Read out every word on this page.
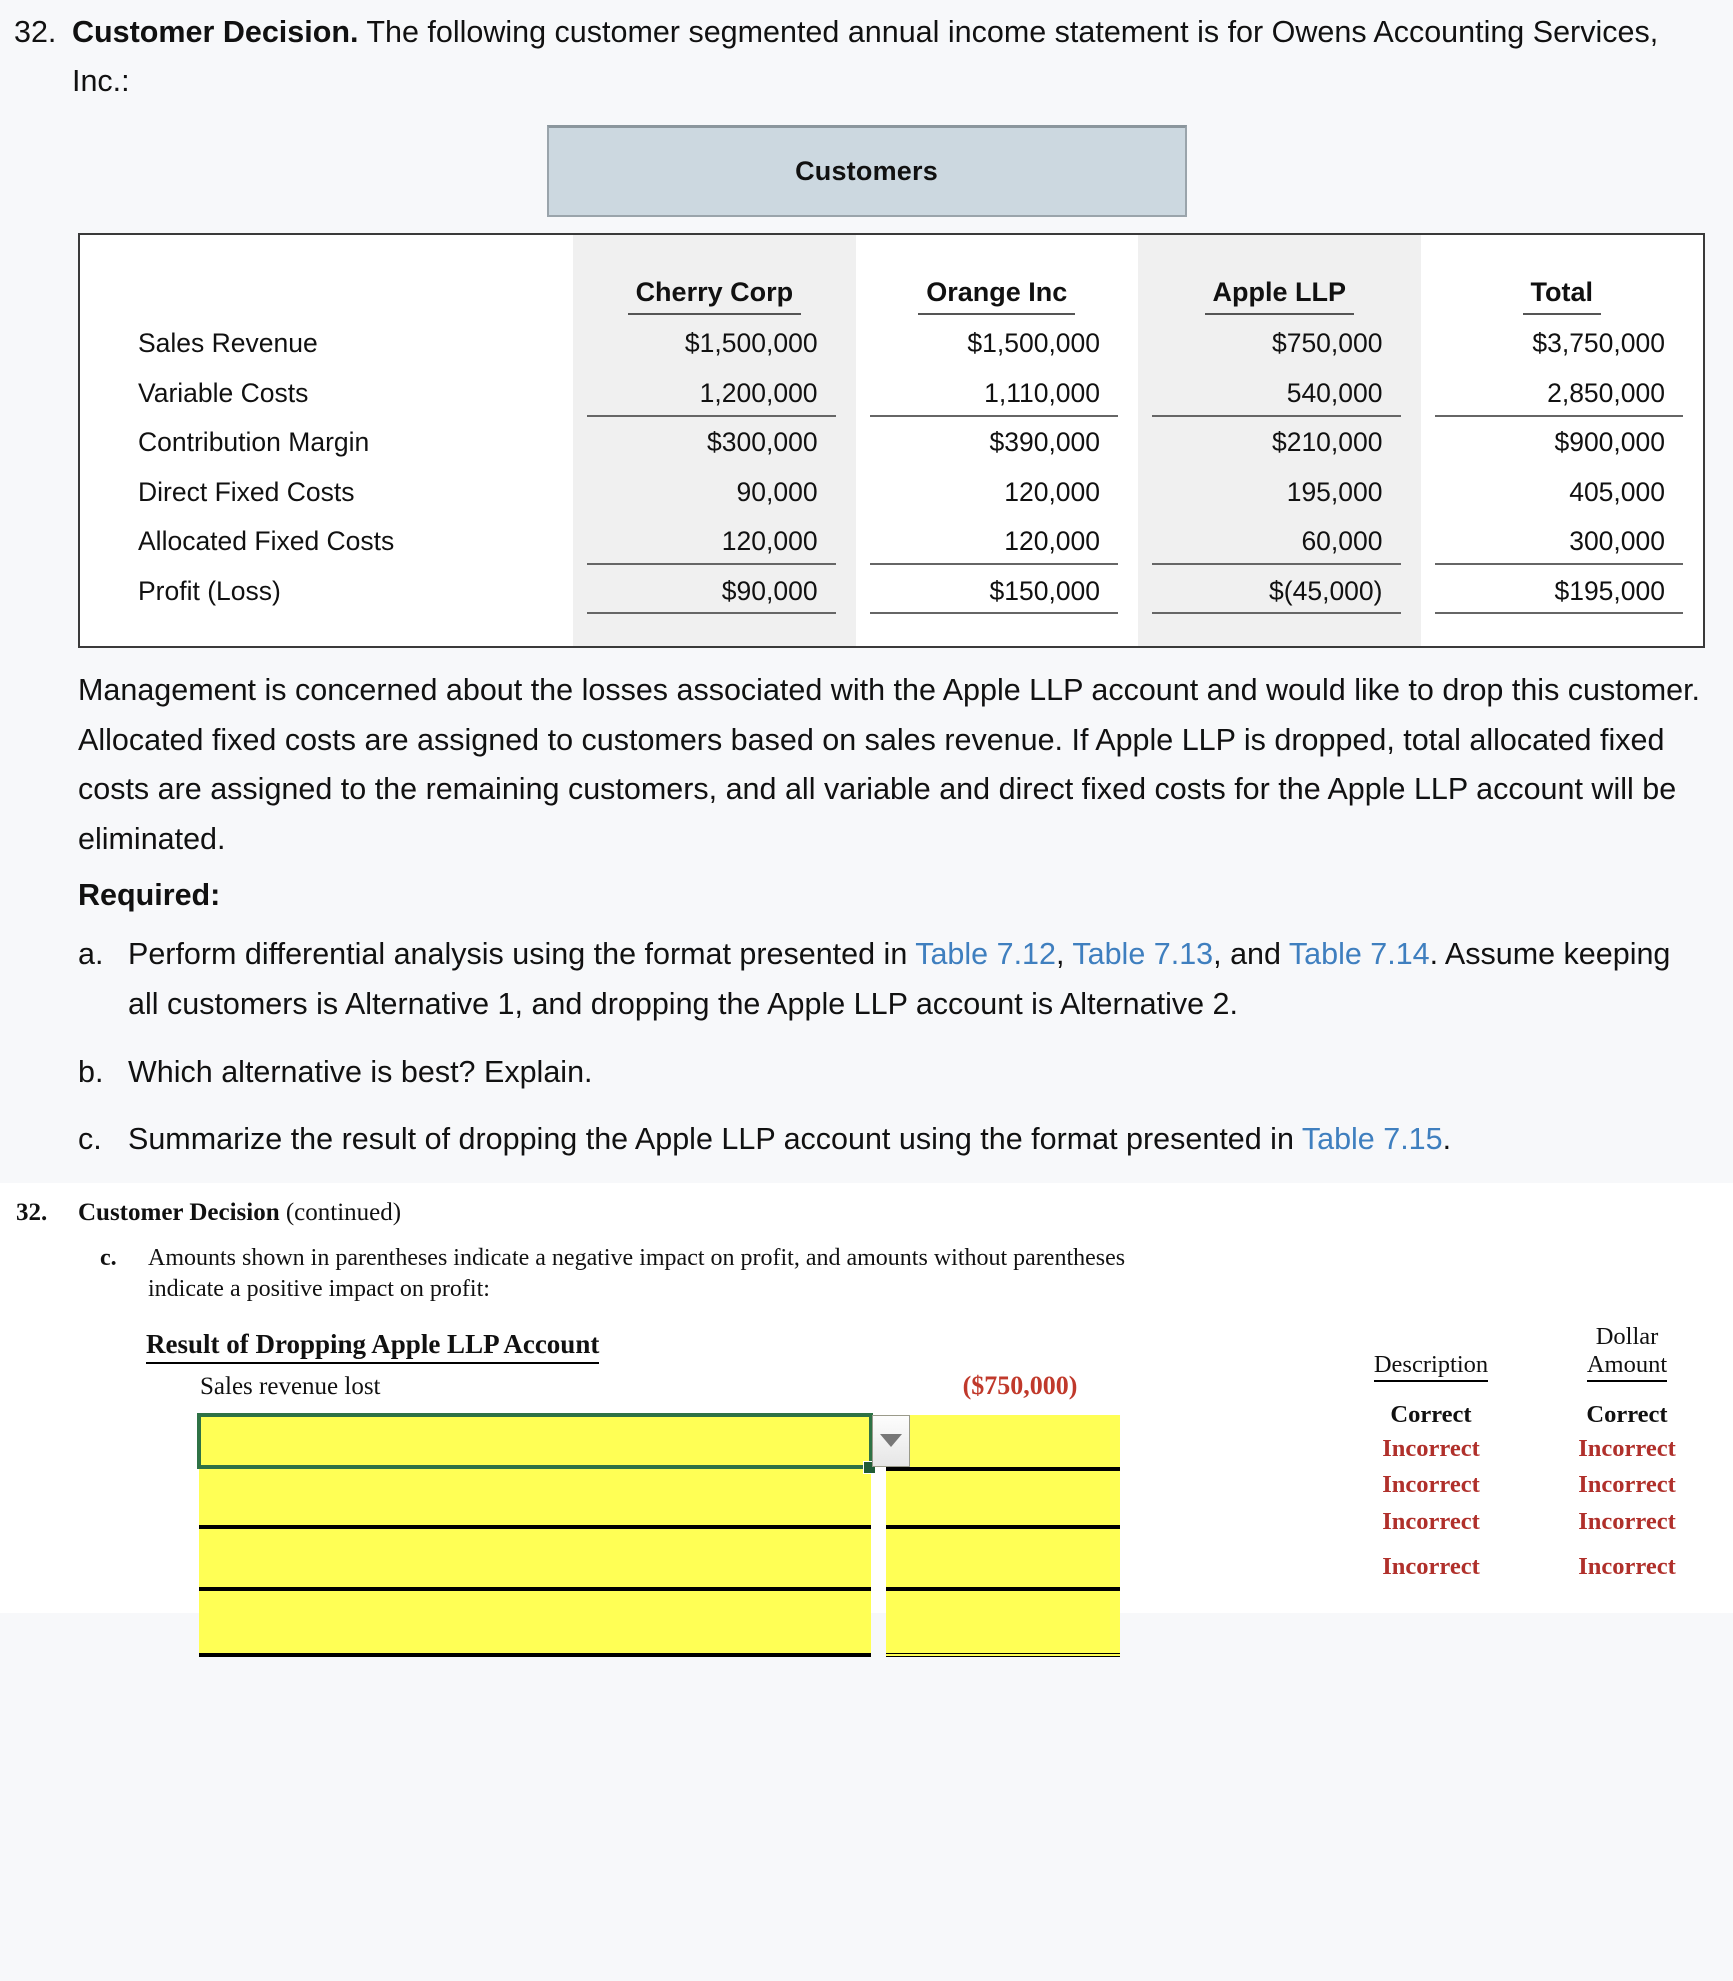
32. Customer Decision. The following customer segmented annual income statement is for Owens Accounting Services, Inc.:
Customers
	Cherry Corp	Orange Inc	Apple LLP	Total
Sales Revenue	$1,500,000	$1,500,000	$750,000	$3,750,000
Variable Costs	1,200,000	1,110,000	540,000	2,850,000
Contribution Margin	$300,000	$390,000	$210,000	$900,000
Direct Fixed Costs	90,000	120,000	195,000	405,000
Allocated Fixed Costs	120,000	120,000	60,000	300,000
Profit (Loss)	$90,000	$150,000	$(45,000)	$195,000

Management is concerned about the losses associated with the Apple LLP account and would like to drop this customer. Allocated fixed costs are assigned to customers based on sales revenue. If Apple LLP is dropped, total allocated fixed costs are assigned to the remaining customers, and all variable and direct fixed costs for the Apple LLP account will be eliminated.
Required:
a. Perform differential analysis using the format presented in Table 7.12, Table 7.13, and Table 7.14. Assume keeping all customers is Alternative 1, and dropping the Apple LLP account is Alternative 2.
b. Which alternative is best? Explain.
c. Summarize the result of dropping the Apple LLP account using the format presented in Table 7.15.
32.	Customer Decision (continued)
c.	Amounts shown in parentheses indicate a negative impact on profit, and amounts without parentheses indicate a positive impact on profit:
Result of Dropping Apple LLP Account
Sales revenue lost	($750,000)
Description
Dollar
Amount
Correct	Correct
Incorrect	Incorrect
Incorrect	Incorrect
Incorrect	Incorrect
Incorrect	Incorrect
